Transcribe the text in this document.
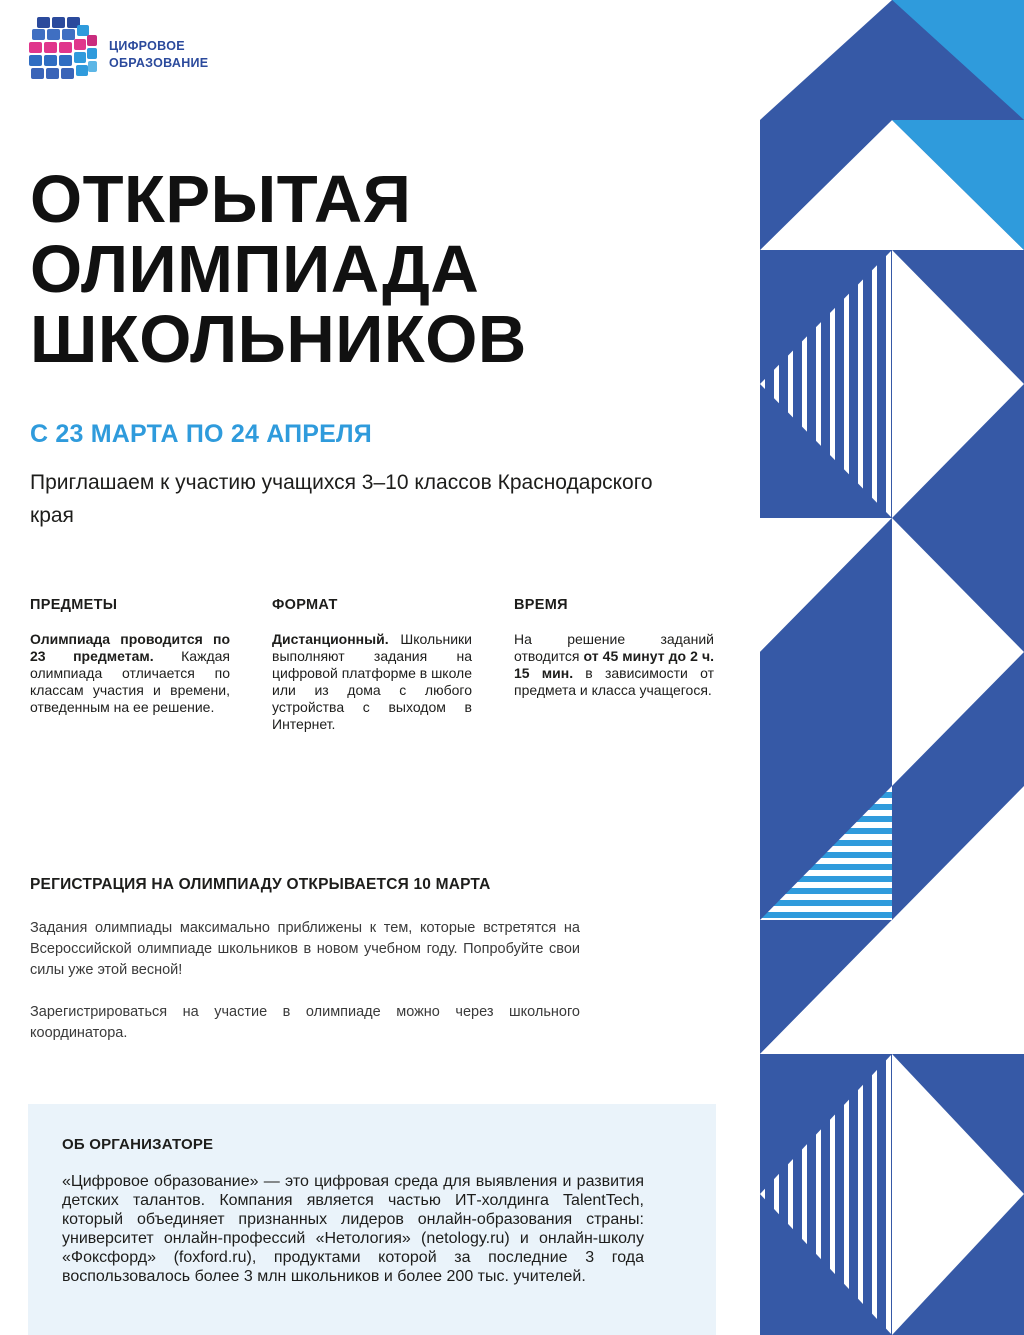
ЦИФРОВОЕ
ОБРАЗОВАНИЕ
ОТКРЫТАЯ
ОЛИМПИАДА
ШКОЛЬНИКОВ

С 23 МАРТА ПО 24 АПРЕЛЯ

Приглашаем к участию учащихся 3–10 классов Краснодарского края

ПРЕДМЕТЫ

Олимпиада проводится по 23 предметам. Каждая олимпиада отличается по классам участия и времени, отведенным на ее решение.

ФОРМАТ

Дистанционный. Школьники выполняют задания на цифровой платформе в школе или из дома с любого устройства с выходом в Интернет.

ВРЕМЯ

На решение заданий отводится от 45 минут до 2 ч. 15 мин. в зависимости от предмета и класса учащегося.

РЕГИСТРАЦИЯ НА ОЛИМПИАДУ ОТКРЫВАЕТСЯ 10 МАРТА

Задания олимпиады максимально приближены к тем, которые встретятся на Всероссийской олимпиаде школьников в новом учебном году. Попробуйте свои силы уже этой весной!

Зарегистрироваться на участие в олимпиаде можно через школьного координатора.

ОБ ОРГАНИЗАТОРЕ

«Цифровое образование» — это цифровая среда для выявления и развития детских талантов. Компания является частью ИТ-холдинга TalentTech, который объединяет признанных лидеров онлайн-образования страны: университет онлайн-профессий «Нетология» (netology.ru) и онлайн-школу «Фоксфорд» (foxford.ru), продуктами которой за последние 3 года воспользовалось более 3 млн школьников и более 200 тыс. учителей.
